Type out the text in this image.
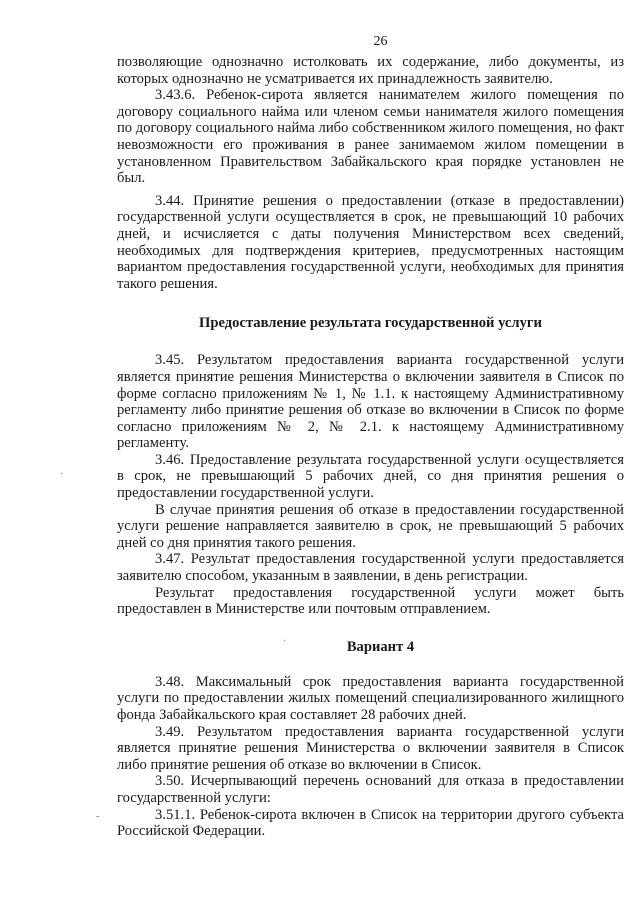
26

позволяющие однозначно истолковать их содержание, либо документы, из которых однозначно не усматривается их принадлежность заявителю.

3.43.6. Ребенок-сирота является нанимателем жилого помещения по договору социального найма или членом семьи нанимателя жилого помещения по договору социального найма либо собственником жилого помещения, но факт невозможности его проживания в ранее занимаемом жилом помещении в установленном Правительством Забайкальского края порядке установлен не был.

3.44. Принятие решения о предоставлении (отказе в предоставлении) государственной услуги осуществляется в срок, не превышающий 10 рабочих дней, и исчисляется с даты получения Министерством всех сведений, необходимых для подтверждения критериев, предусмотренных настоящим вариантом предоставления государственной услуги, необходимых для принятия такого решения.

Предоставление результата государственной услуги

3.45. Результатом предоставления варианта государственной услуги является принятие решения Министерства о включении заявителя в Список по форме согласно приложениям № 1, № 1.1. к настоящему Административному регламенту либо принятие решения об отказе во включении в Список по форме согласно приложениям № 2, № 2.1. к настоящему Административному регламенту.

3.46. Предоставление результата государственной услуги осуществляется в срок, не превышающий 5 рабочих дней, со дня принятия решения о предоставлении государственной услуги.

В случае принятия решения об отказе в предоставлении государственной услуги решение направляется заявителю в срок, не превышающий 5 рабочих дней со дня принятия такого решения.

3.47. Результат предоставления государственной услуги предоставляется заявителю способом, указанным в заявлении, в день регистрации.

Результат предоставления государственной услуги может быть предоставлен в Министерстве или почтовым отправлением.

Вариант 4

3.48. Максимальный срок предоставления варианта государственной услуги по предоставлении жилых помещений специализированного жилищного фонда Забайкальского края составляет 28 рабочих дней.

3.49. Результатом предоставления варианта государственной услуги является принятие решения Министерства о включении заявителя в Список либо принятие решения об отказе во включении в Список.

3.50. Исчерпывающий перечень оснований для отказа в предоставлении государственной услуги:

3.51.1. Ребенок-сирота включен в Список на территории другого субъекта Российской Федерации.

·
·
-
